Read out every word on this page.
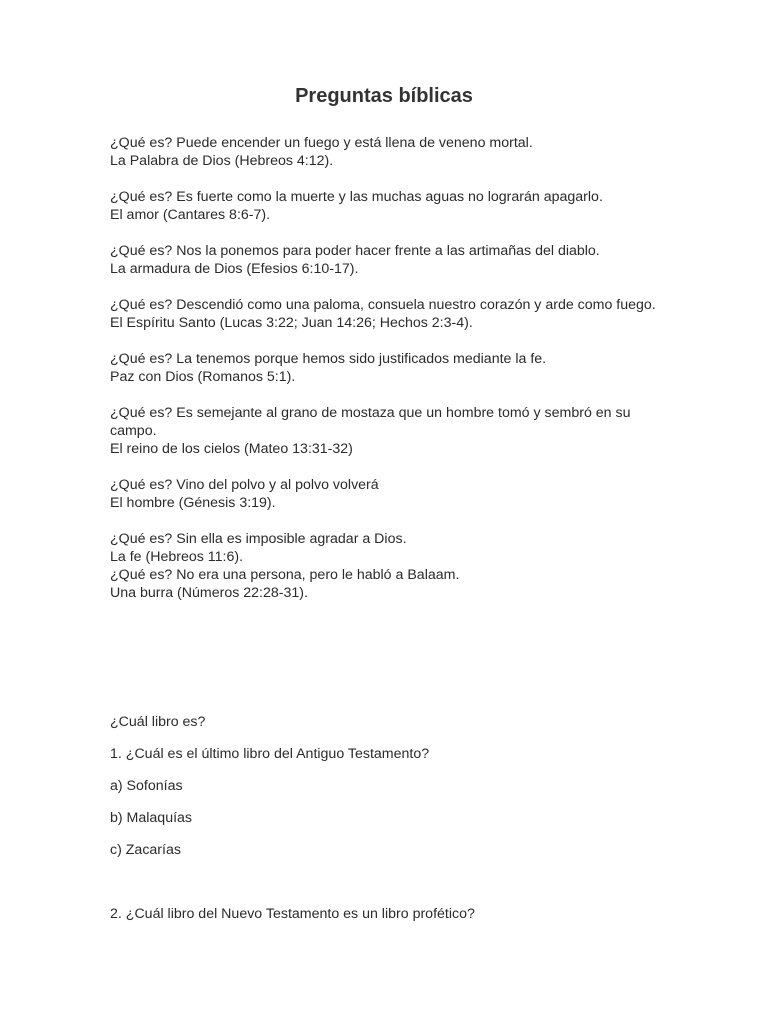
Preguntas bíblicas

¿Qué es? Puede encender un fuego y está llena de veneno mortal.

La Palabra de Dios (Hebreos 4:12).

¿Qué es? Es fuerte como la muerte y las muchas aguas no lograrán apagarlo.

El amor (Cantares 8:6-7).

¿Qué es? Nos la ponemos para poder hacer frente a las artimañas del diablo.

La armadura de Dios (Efesios 6:10-17).

¿Qué es? Descendió como una paloma, consuela nuestro corazón y arde como fuego.

El Espíritu Santo (Lucas 3:22; Juan 14:26; Hechos 2:3-4).

¿Qué es? La tenemos porque hemos sido justificados mediante la fe.

Paz con Dios (Romanos 5:1).

¿Qué es? Es semejante al grano de mostaza que un hombre tomó y sembró en su campo.

El reino de los cielos (Mateo 13:31-32)

¿Qué es? Vino del polvo y al polvo volverá

El hombre (Génesis 3:19).

¿Qué es? Sin ella es imposible agradar a Dios.

La fe (Hebreos 11:6).

¿Qué es? No era una persona, pero le habló a Balaam.

Una burra (Números 22:28-31).

¿Cuál libro es?

1. ¿Cuál es el último libro del Antiguo Testamento?

a) Sofonías

b) Malaquías

c) Zacarías

2. ¿Cuál libro del Nuevo Testamento es un libro profético?
